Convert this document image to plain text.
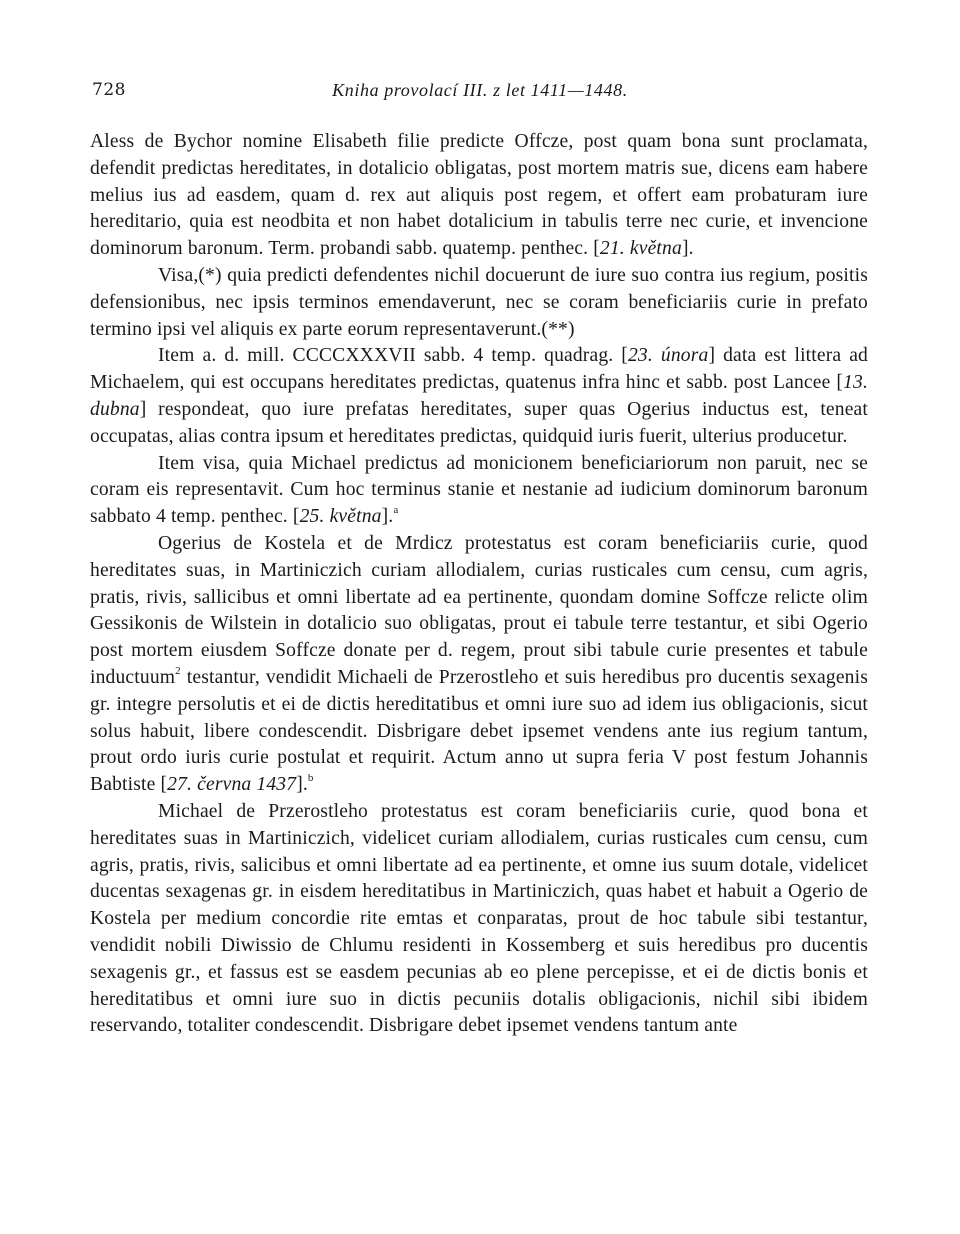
728	Kniha provolací III. z let 1411—1448.

Aless de Bychor nomine Elisabeth filie predicte Offcze, post quam bona sunt proclamata, defendit predictas hereditates, in dotalicio obligatas, post mortem matris sue, dicens eam habere melius ius ad easdem, quam d. rex aut aliquis post regem, et offert eam probaturam iure hereditario, quia est neodbita et non habet dotalicium in tabulis terre nec curie, et invencione dominorum baronum. Term. probandi sabb. quatemp. penthec. [21. května].

Visa,(*) quia predicti defendentes nichil docuerunt de iure suo contra ius regium, positis defensionibus, nec ipsis terminos emendaverunt, nec se coram beneficiariis curie in prefato termino ipsi vel aliquis ex parte eorum representaverunt.(**)

Item a. d. mill. CCCCXXXVII sabb. 4 temp. quadrag. [23. února] data est littera ad Michaelem, qui est occupans hereditates predictas, quatenus infra hinc et sabb. post Lancee [13. dubna] respondeat, quo iure prefatas hereditates, super quas Ogerius inductus est, teneat occupatas, alias contra ipsum et hereditates predictas, quidquid iuris fuerit, ulterius producetur.

Item visa, quia Michael predictus ad monicionem beneficiariorum non paruit, nec se coram eis representavit. Cum hoc terminus stanie et nestanie ad iudicium dominorum baronum sabbato 4 temp. penthec. [25. května].$^a$

Ogerius de Kostela et de Mrdicz protestatus est coram beneficiariis curie, quod hereditates suas, in Martiniczich curiam allodialem, curias rusticales cum censu, cum agris, pratis, rivis, sallicibus et omni libertate ad ea pertinente, quondam domine Soffcze relicte olim Gessikonis de Wilstein in dotalicio suo obligatas, prout ei tabule terre testantur, et sibi Ogerio post mortem eiusdem Soffcze donate per d. regem, prout sibi tabule curie presentes et tabule inductuum$^2$ testantur, vendidit Michaeli de Przerostleho et suis heredibus pro ducentis sexagenis gr. integre persolutis et ei de dictis hereditatibus et omni iure suo ad idem ius obligacionis, sicut solus habuit, libere condescendit. Disbrigare debet ipsemet vendens ante ius regium tantum, prout ordo iuris curie postulat et requirit. Actum anno ut supra feria V post festum Johannis Babtiste [27. června 1437].$^b$

Michael de Przerostleho protestatus est coram beneficiariis curie, quod bona et hereditates suas in Martiniczich, videlicet curiam allodialem, curias rusticales cum censu, cum agris, pratis, rivis, salicibus et omni libertate ad ea pertinente, et omne ius suum dotale, videlicet ducentas sexagenas gr. in eisdem hereditatibus in Martiniczich, quas habet et habuit a Ogerio de Kostela per medium concordie rite emtas et conparatas, prout de hoc tabule sibi testantur, vendidit nobili Diwissio de Chlumu residenti in Kossemberg et suis heredibus pro ducentis sexagenis gr., et fassus est se easdem pecunias ab eo plene percepisse, et ei de dictis bonis et hereditatibus et omni iure suo in dictis pecuniis dotalis obligacionis, nichil sibi ibidem reservando, totaliter condescendit. Disbrigare debet ipsemet vendens tantum ante
